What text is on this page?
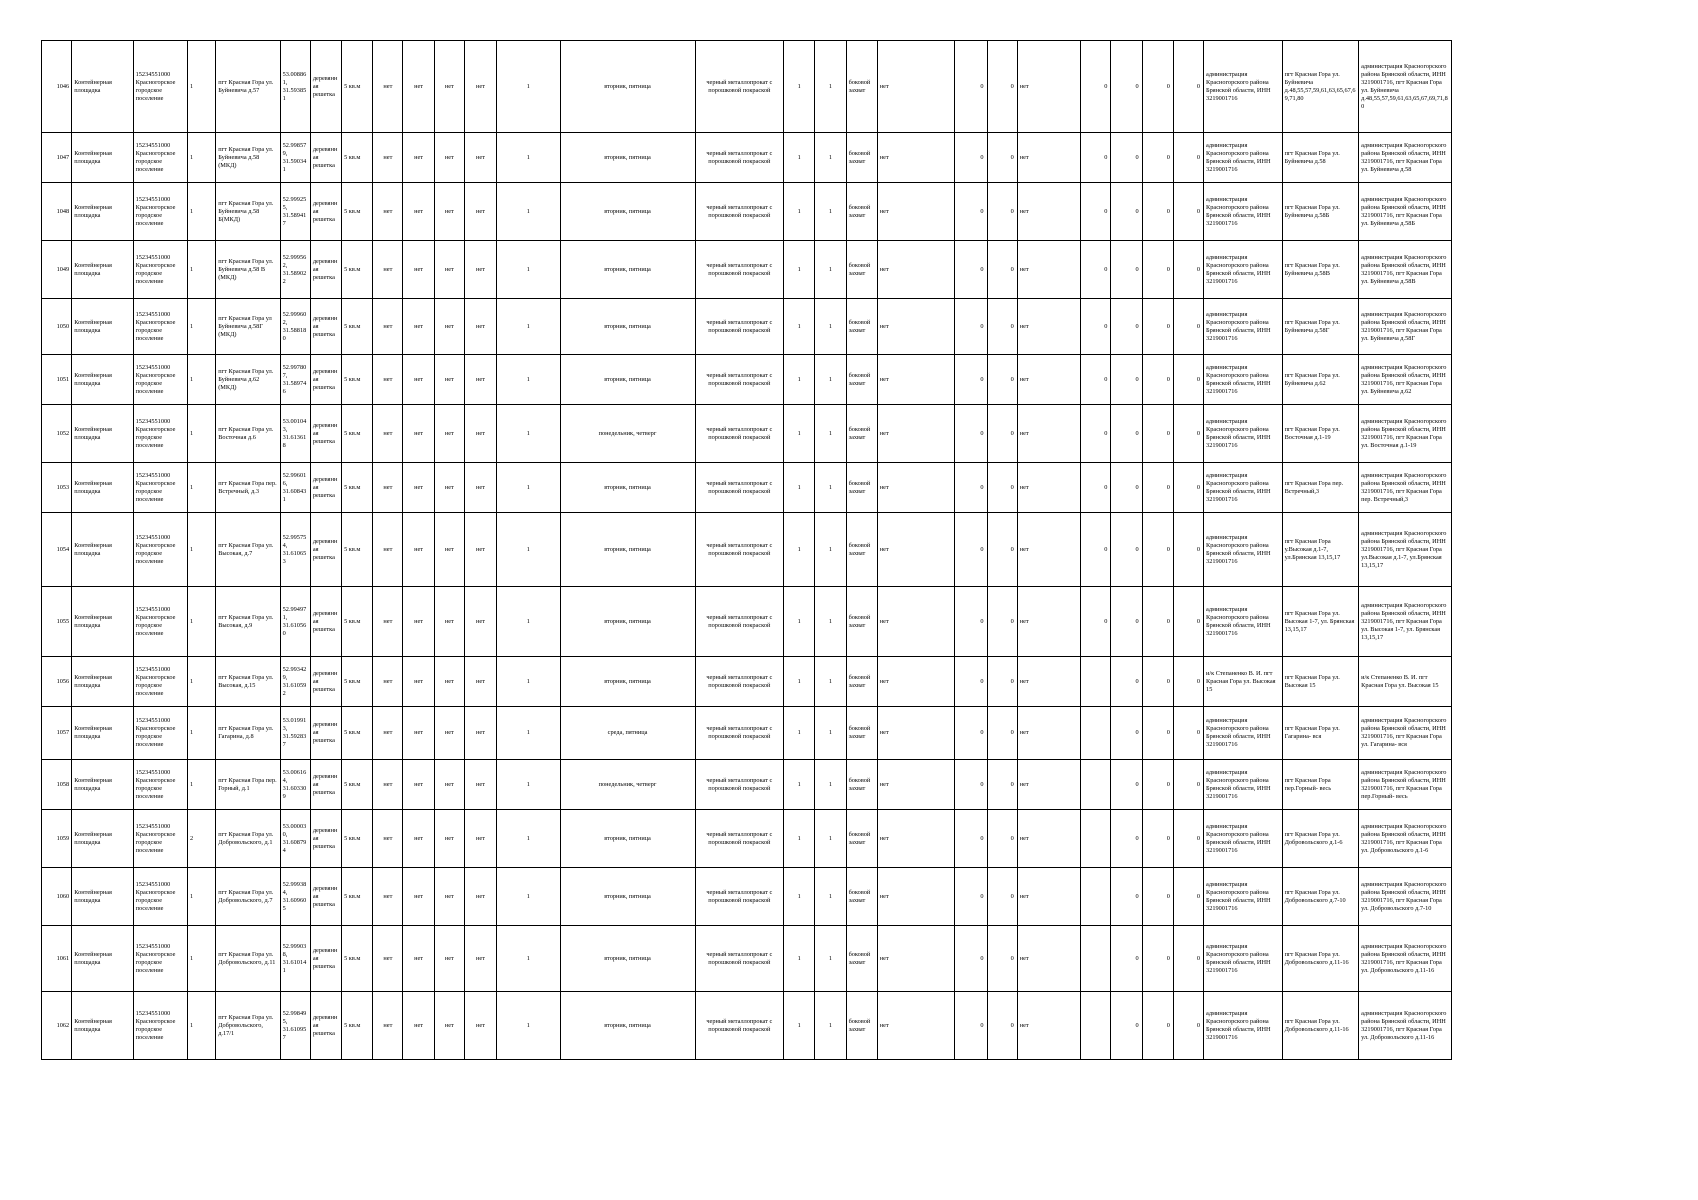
1046	Контейнерная площадка	15234551000 Красногорское городское поселение	1	пгт Красная Гора ул. Буйневича д.57	53.008861, 31.593851	деревянная решетка	5 кв.м	нет	нет	нет	нет	1	вторник, пятница	черный металлопрокат с порошковой покраской	1	1	боковой захват	нет	0	0	нет	0	0	0	0	администрация Красногорского района Брянской области, ИНН 3219001716	пгт Красная Гора ул. Буйневича д.48,55,57,59,61,63,65,67,69,71,80	администрация Красногорского района Брянской области, ИНН 3219001716, пгт Красная Гора ул. Буйневича д.48,55,57,59,61,63,65,67,69,71,80
1047	Контейнерная площадка	15234551000 Красногорское городское поселение	1	пгт Красная Гора ул. Буйневича д.58 (МКД)	52.998579, 31.590341	деревянная решетка	5 кв.м	нет	нет	нет	нет	1	вторник, пятница	черный металлопрокат с порошковой покраской	1	1	боковой захват	нет	0	0	нет	0	0	0	0	администрация Красногорского района Брянской области, ИНН 3219001716	пгт Красная Гора ул. Буйневича д.58	администрация Красногорского района Брянской области, ИНН 3219001716, пгт Красная Гора ул. Буйневича д.58
1048	Контейнерная площадка	15234551000 Красногорское городское поселение	1	пгт Красная Гора ул. Буйневича д.58 Б(МКД)	52.999255, 31.589417	деревянная решетка	5 кв.м	нет	нет	нет	нет	1	вторник, пятница	черный металлопрокат с порошковой покраской	1	1	боковой захват	нет	0	0	нет	0	0	0	0	администрация Красногорского района Брянской области, ИНН 3219001716	пгт Красная Гора ул. Буйневича д.58Б	администрация Красногорского района Брянской области, ИНН 3219001716, пгт Красная Гора ул. Буйневича д.58Б
1049	Контейнерная площадка	15234551000 Красногорское городское поселение	1	пгт Красная Гора ул. Буйневича д.58 В (МКД)	52.999562, 31.589022	деревянная решетка	5 кв.м	нет	нет	нет	нет	1	вторник, пятница	черный металлопрокат с порошковой покраской	1	1	боковой захват	нет	0	0	нет	0	0	0	0	администрация Красногорского района Брянской области, ИНН 3219001716	пгт Красная Гора ул. Буйневича д.58В	администрация Красногорского района Брянской области, ИНН 3219001716, пгт Красная Гора ул. Буйневича д.58В
1050	Контейнерная площадка	15234551000 Красногорское городское поселение	1	пгт Красная Гора ул Буйневича д.58Г (МКД)	52.999602, 31.588180	деревянная решетка	5 кв.м	нет	нет	нет	нет	1	вторник, пятница	черный металлопрокат с порошковой покраской	1	1	боковой захват	нет	0	0	нет	0	0	0	0	администрация Красногорского района Брянской области, ИНН 3219001716	пгт Красная Гора ул. Буйневича д.58Г	администрация Красногорского района Брянской области, ИНН 3219001716, пгт Красная Гора ул. Буйневича д.58Г
1051	Контейнерная площадка	15234551000 Красногорское городское поселение	1	пгт Красная Гора ул. Буйневича д.62 (МКД)	52.997807, 31.589746	деревянная решетка	5 кв.м	нет	нет	нет	нет	1	вторник, пятница	черный металлопрокат с порошковой покраской	1	1	боковой захват	нет	0	0	нет	0	0	0	0	администрация Красногорского района Брянской области, ИНН 3219001716	пгт Красная Гора ул. Буйневича д.62	администрация Красногорского района Брянской области, ИНН 3219001716, пгт Красная Гора ул. Буйневича д.62
1052	Контейнерная площадка	15234551000 Красногорское городское поселение	1	пгт Красная Гора ул. Восточная д.6	53.001043, 31.613618	деревянная решетка	5 кв.м	нет	нет	нет	нет	1	понедельник, четверг	черный металлопрокат с порошковой покраской	1	1	боковой захват	нет	0	0	нет	0	0	0	0	администрация Красногорского района Брянской области, ИНН 3219001716	пгт Красная Гора ул. Восточная д.1-19	администрация Красногорского района Брянской области, ИНН 3219001716, пгт Красная Гора ул. Восточная д.1-19
1053	Контейнерная площадка	15234551000 Красногорское городское поселение	1	пгт Красная Гора пер. Встречный, д.3	52.996016, 31.608431	деревянная решетка	5 кв.м	нет	нет	нет	нет	1	вторник, пятница	черный металлопрокат с порошковой покраской	1	1	боковой захват	нет	0	0	нет	0	0	0	0	администрация Красногорского района Брянской области, ИНН 3219001716	пгт Красная Гора пер. Встречный,3	администрация Красногорского района Брянской области, ИНН 3219001716, пгт Красная Гора пер. Встречный,3
1054	Контейнерная площадка	15234551000 Красногорское городское поселение	1	пгт Красная Гора ул. Высокая, д.7	52.995754, 31.610653	деревянная решетка	5 кв.м	нет	нет	нет	нет	1	вторник, пятница	черный металлопрокат с порошковой покраской	1	1	боковой захват	нет	0	0	нет	0	0	0	0	администрация Красногорского района Брянской области, ИНН 3219001716	пгт Красная Гора у.Высокая д.1-7, ул.Брянская 13,15,17	администрация Красногорского района Брянской области, ИНН 3219001716, пгт Красная Гора ул.Высокая д.1-7, ул.Брянская 13,15,17
1055	Контейнерная площадка	15234551000 Красногорское городское поселение	1	пгт Красная Гора ул. Высокая, д.9	52.994971, 31.610560	деревянная решетка	5 кв.м	нет	нет	нет	нет	1	вторник, пятница	черный металлопрокат с порошковой покраской	1	1	боковой захват	нет	0	0	нет	0	0	0	0	администрация Красногорского района Брянской области, ИНН 3219001716	пгт Красная Гора ул. Высокая 1-7, ул. Брянская 13,15,17	администрация Красногорского района Брянской области, ИНН 3219001716, пгт Красная Гора ул. Высокая 1-7, ул. Брянская 13,15,17
1056	Контейнерная площадка	15234551000 Красногорское городское поселение	1	пгт Красная Гора ул. Высокая, д.15	52.993429, 31.610592	деревянная решетка	5 кв.м	нет	нет	нет	нет	1	вторник, пятница	черный металлопрокат с порошковой покраской	1	1	боковой захват	нет	0	0	нет		0	0	0	и/к Степаненко В. И. пгт Красная Гора ул. Высокая 15	пгт Красная Гора ул. Высокая 15	и/к Степаненко В. И. пгт Красная Гора ул. Высокая 15
1057	Контейнерная площадка	15234551000 Красногорское городское поселение	1	пгт Красная Гора ул. Гагарина, д.8	53.019913, 31.592837	деревянная решетка	5 кв.м	нет	нет	нет	нет	1	среда, пятница	черный металлопрокат с порошковой покраской	1	1	боковой захват	нет	0	0	нет		0	0	0	администрация Красногорского района Брянской области, ИНН 3219001716	пгт Красная Гора ул. Гагарина- вся	администрация Красногорского района Брянской области, ИНН 3219001716, пгт Красная Гора ул. Гагарина- вся
1058	Контейнерная площадка	15234551000 Красногорское городское поселение	1	пгт Красная Гора пер. Горный, д.1	53.006164, 31.603309	деревянная решетка	5 кв.м	нет	нет	нет	нет	1	понедельник, четверг	черный металлопрокат с порошковой покраской	1	1	боковой захват	нет	0	0	нет		0	0	0	администрация Красногорского района Брянской области, ИНН 3219001716	пгт Красная Гора пер.Горный- весь	администрация Красногорского района Брянской области, ИНН 3219001716, пгт Красная Гора пер.Горный- весь
1059	Контейнерная площадка	15234551000 Красногорское городское поселение	2	пгт Красная Гора ул. Добровольского, д.1	53.000030, 31.608794	деревянная решетка	5 кв.м	нет	нет	нет	нет	1	вторник, пятница	черный металлопрокат с порошковой покраской	1	1	боковой захват	нет	0	0	нет		0	0	0	администрация Красногорского района Брянской области, ИНН 3219001716	пгт Красная Гора ул. Добровольского д.1-6	администрация Красногорского района Брянской области, ИНН 3219001716, пгт Красная Гора ул. Добровольского д.1-6
1060	Контейнерная площадка	15234551000 Красногорское городское поселение	1	пгт Красная Гора ул. Добровольского, д.7	52.999384, 31.609605	деревянная решетка	5 кв.м	нет	нет	нет	нет	1	вторник, пятница	черный металлопрокат с порошковой покраской	1	1	боковой захват	нет	0	0	нет		0	0	0	администрация Красногорского района Брянской области, ИНН 3219001716	пгт Красная Гора ул. Добровольского д.7-10	администрация Красногорского района Брянской области, ИНН 3219001716, пгт Красная Гора ул. Добровольского д.7-10
1061	Контейнерная площадка	15234551000 Красногорское городское поселение	1	пгт Красная Гора ул. Добровольского, д.11	52.999038, 31.610141	деревянная решетка	5 кв.м	нет	нет	нет	нет	1	вторник, пятница	черный металлопрокат с порошковой покраской	1	1	боковой захват	нет	0	0	нет		0	0	0	администрация Красногорского района Брянской области, ИНН 3219001716	пгт Красная Гора ул. Добровольского д.11-16	администрация Красногорского района Брянской области, ИНН 3219001716, пгт Красная Гора ул. Добровольского д.11-16
1062	Контейнерная площадка	15234551000 Красногорское городское поселение	1	пгт Красная Гора ул. Добровольского, д.17/1	52.998495, 31.610957	деревянная решетка	5 кв.м	нет	нет	нет	нет	1	вторник, пятница	черный металлопрокат с порошковой покраской	1	1	боковой захват	нет	0	0	нет		0	0	0	администрация Красногорского района Брянской области, ИНН 3219001716	пгт Красная Гора ул. Добровольского д.11-16	администрация Красногорского района Брянской области, ИНН 3219001716, пгт Красная Гора ул. Добровольского д.11-16
